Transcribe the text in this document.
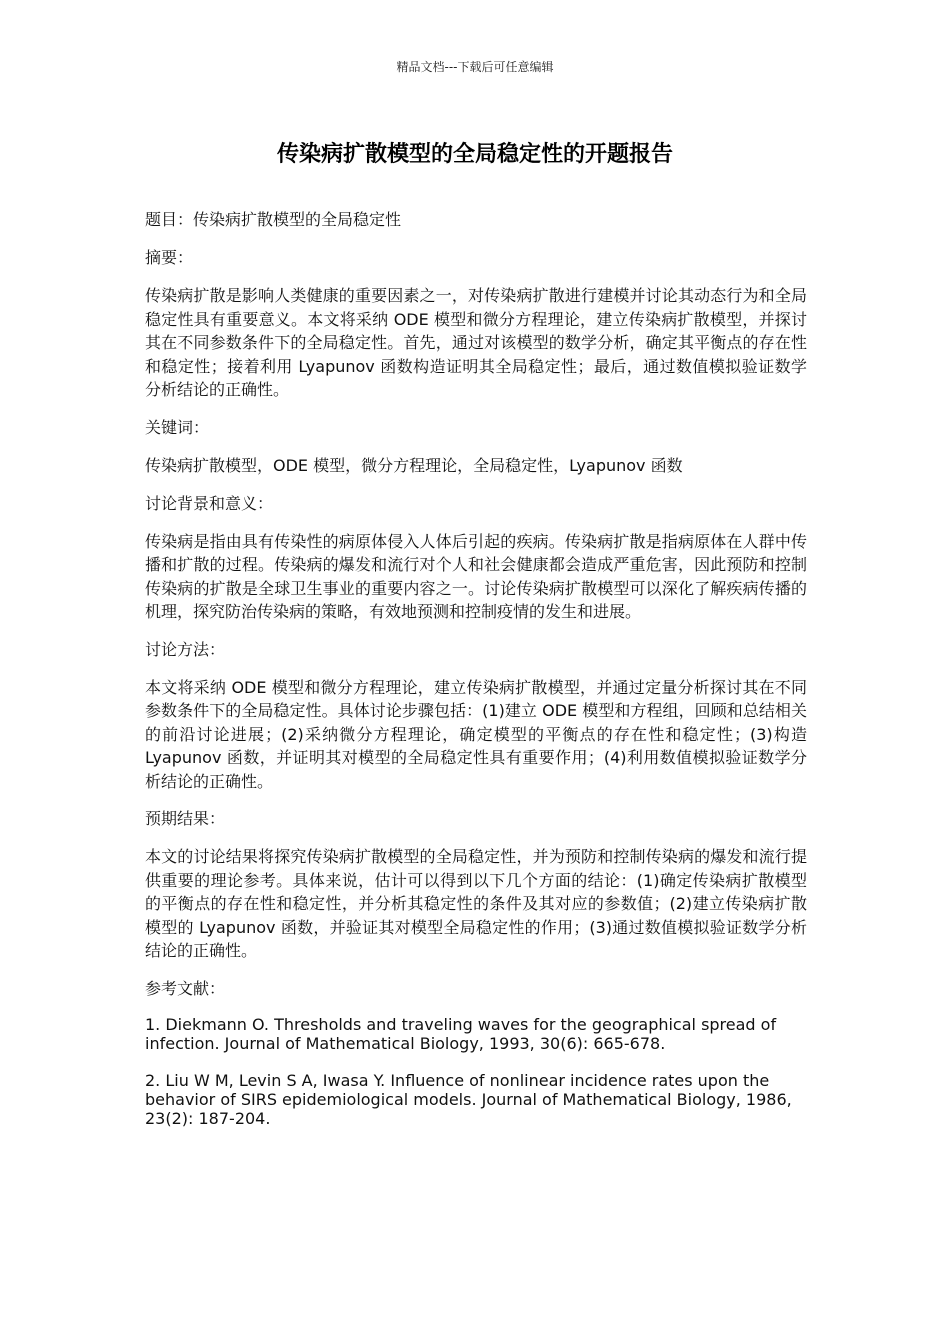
精品文档---下载后可任意编辑
传染病扩散模型的全局稳定性的开题报告

题目：传染病扩散模型的全局稳定性

摘要：

传染病扩散是影响人类健康的重要因素之一，对传染病扩散进行建模并讨论其动态行为和全局稳定性具有重要意义。本文将采纳 ODE 模型和微分方程理论，建立传染病扩散模型，并探讨其在不同参数条件下的全局稳定性。首先，通过对该模型的数学分析，确定其平衡点的存在性和稳定性；接着利用 Lyapunov 函数构造证明其全局稳定性；最后，通过数值模拟验证数学分析结论的正确性。

关键词：

传染病扩散模型，ODE 模型，微分方程理论，全局稳定性，Lyapunov 函数

讨论背景和意义：

传染病是指由具有传染性的病原体侵入人体后引起的疾病。传染病扩散是指病原体在人群中传播和扩散的过程。传染病的爆发和流行对个人和社会健康都会造成严重危害，因此预防和控制传染病的扩散是全球卫生事业的重要内容之一。讨论传染病扩散模型可以深化了解疾病传播的机理，探究防治传染病的策略，有效地预测和控制疫情的发生和进展。

讨论方法：

本文将采纳 ODE 模型和微分方程理论，建立传染病扩散模型，并通过定量分析探讨其在不同参数条件下的全局稳定性。具体讨论步骤包括：(1)建立 ODE 模型和方程组，回顾和总结相关的前沿讨论进展；(2)采纳微分方程理论，确定模型的平衡点的存在性和稳定性；(3)构造 Lyapunov 函数，并证明其对模型的全局稳定性具有重要作用；(4)利用数值模拟验证数学分析结论的正确性。

预期结果：

本文的讨论结果将探究传染病扩散模型的全局稳定性，并为预防和控制传染病的爆发和流行提供重要的理论参考。具体来说，估计可以得到以下几个方面的结论：(1)确定传染病扩散模型的平衡点的存在性和稳定性，并分析其稳定性的条件及其对应的参数值；(2)建立传染病扩散模型的 Lyapunov 函数，并验证其对模型全局稳定性的作用；(3)通过数值模拟验证数学分析结论的正确性。

参考文献：

1. Diekmann O. Thresholds and traveling waves for the geographical spread of infection. Journal of Mathematical Biology, 1993, 30(6): 665-678.

2. Liu W M, Levin S A, Iwasa Y. Influence of nonlinear incidence rates upon the behavior of SIRS epidemiological models. Journal of Mathematical Biology, 1986, 23(2): 187-204.
